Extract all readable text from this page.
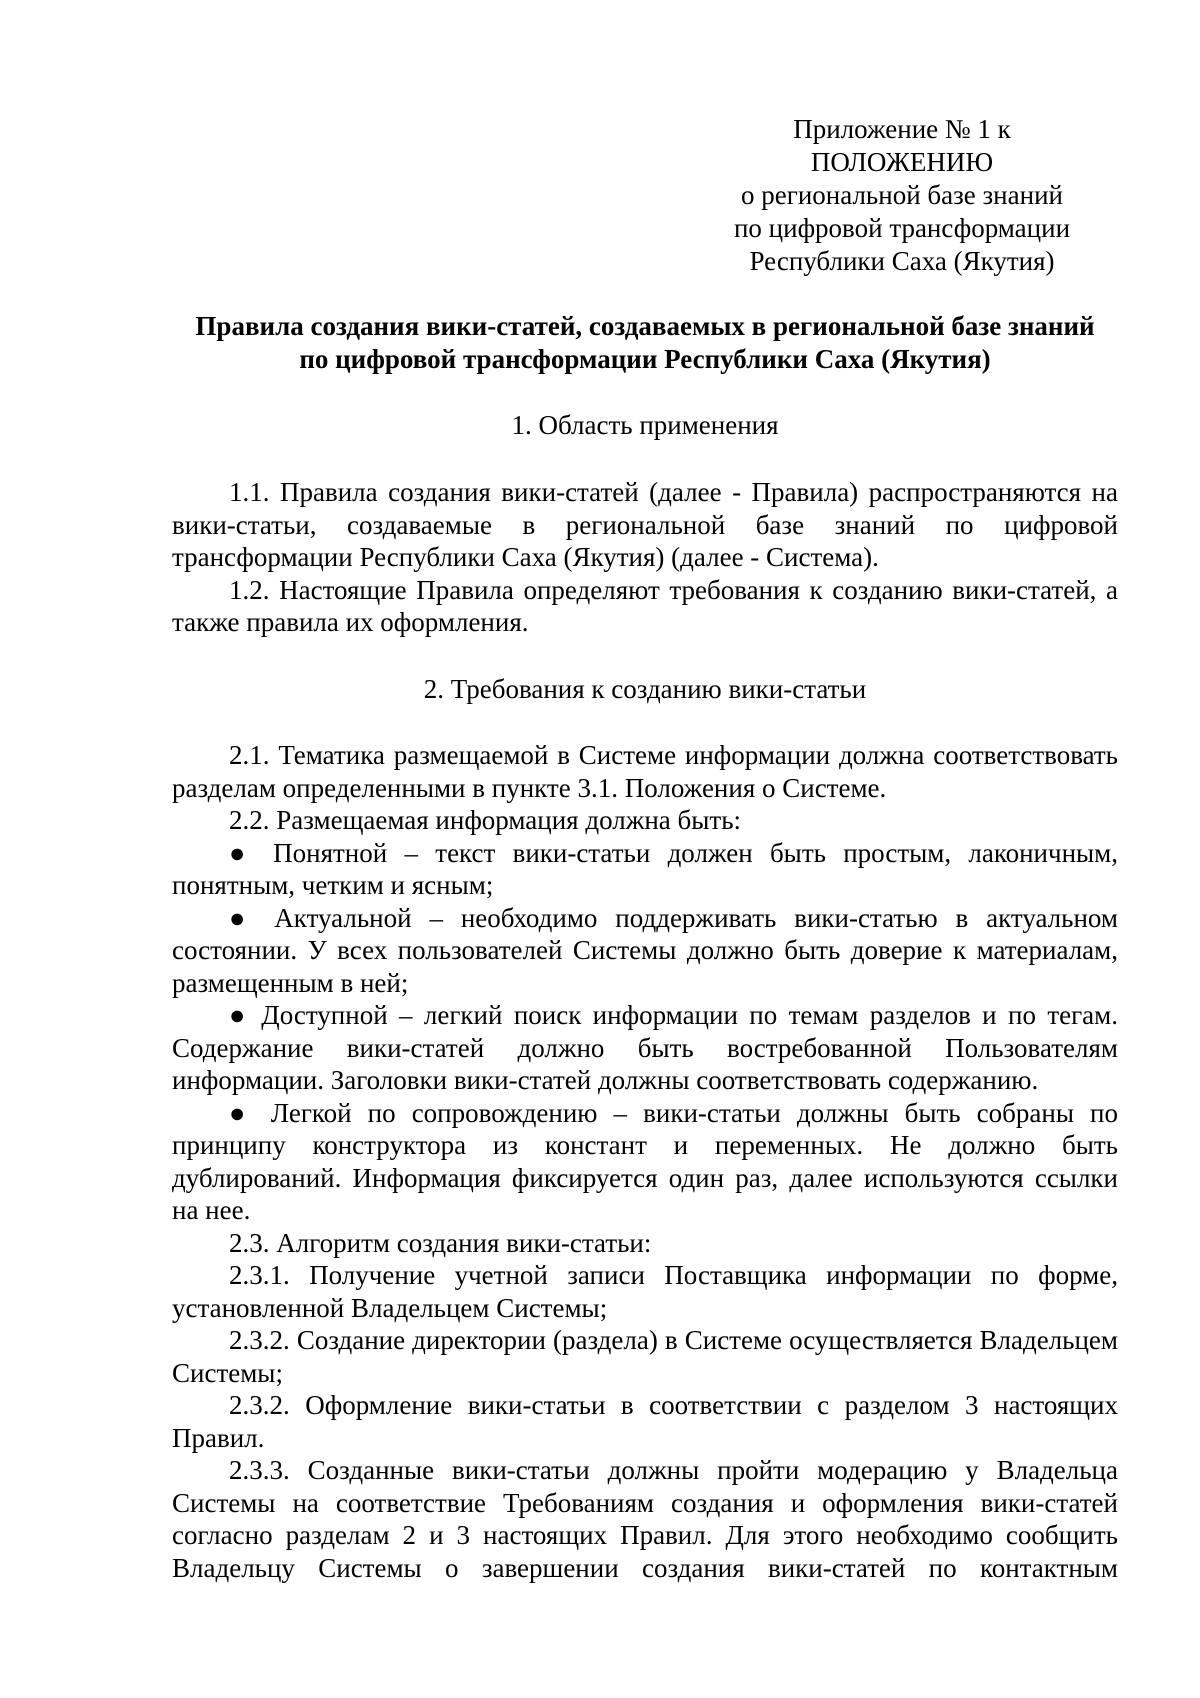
Приложение № 1 к
ПОЛОЖЕНИЮ
о региональной базе знаний
по цифровой трансформации
Республики Саха (Якутия)
Правила создания вики-статей, создаваемых в региональной базе знаний
по цифровой трансформации Республики Саха (Якутия)
1. Область применения

1.1. Правила создания вики-статей (далее - Правила) распространяются на вики-статьи, создаваемые в региональной базе знаний по цифровой трансформации Республики Саха (Якутия) (далее - Система).

1.2. Настоящие Правила определяют требования к созданию вики-статей, а также правила их оформления.

2. Требования к созданию вики-статьи

2.1. Тематика размещаемой в Системе информации должна соответствовать разделам определенными в пункте 3.1. Положения о Системе.

2.2. Размещаемая информация должна быть:

● Понятной – текст вики-статьи должен быть простым, лаконичным, понятным, четким и ясным;

● Актуальной – необходимо поддерживать вики-статью в актуальном состоянии. У всех пользователей Системы должно быть доверие к материалам, размещенным в ней;

● Доступной – легкий поиск информации по темам разделов и по тегам. Содержание вики-статей должно быть востребованной Пользователям информации. Заголовки вики-статей должны соответствовать содержанию.

● Легкой по сопровождению – вики-статьи должны быть собраны по принципу конструктора из констант и переменных. Не должно быть дублирований. Информация фиксируется один раз, далее используются ссылки на нее.

2.3. Алгоритм создания вики-статьи:

2.3.1. Получение учетной записи Поставщика информации по форме, установленной Владельцем Системы;

2.3.2. Создание директории (раздела) в Системе осуществляется Владельцем Системы;

2.3.2. Оформление вики-статьи в соответствии с разделом 3 настоящих Правил.

2.3.3. Созданные вики-статьи должны пройти модерацию у Владельца Системы на соответствие Требованиям создания и оформления вики-статей согласно разделам 2 и 3 настоящих Правил. Для этого необходимо сообщить Владельцу Системы о завершении создания вики-статей по контактным
